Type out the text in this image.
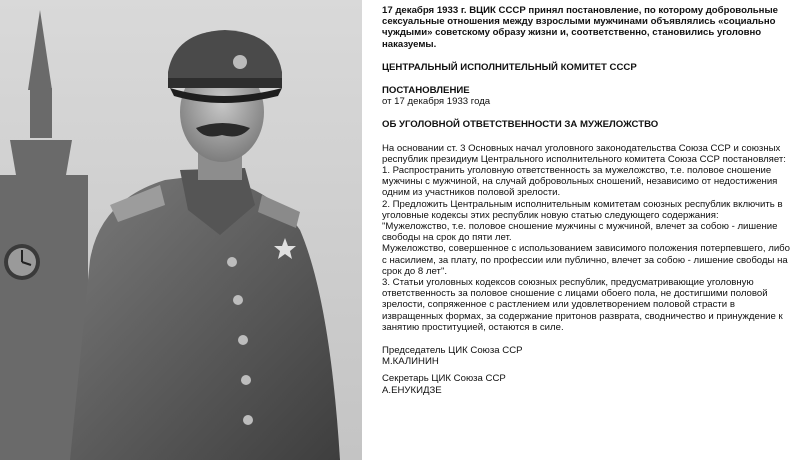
17 декабря 1933 г. ВЦИК СССР принял постановление, по которому добровольные сексуальные отношения между взрослыми мужчинами объявлялись «социально чуждыми» советскому образу жизни и, соответственно, становились уголовно наказуемы.

ЦЕНТРАЛЬНЫЙ ИСПОЛНИТЕЛЬНЫЙ КОМИТЕТ СССР

ПОСТАНОВЛЕНИЕ

от 17 декабря 1933 года

ОБ УГОЛОВНОЙ ОТВЕТСТВЕННОСТИ ЗА МУЖЕЛОЖСТВО

На основании ст. 3 Основных начал уголовного законодательства Союза ССР и союзных республик президиум Центрального исполнительного комитета Союза ССР постановляет:

1. Распространить уголовную ответственность за мужеложство, т.е. половое сношение мужчины с мужчиной, на случай добровольных сношений, независимо от недостижения одним из участников половой зрелости.

2. Предложить Центральным исполнительным комитетам союзных республик включить в уголовные кодексы этих республик новую статью следующего содержания:

"Мужеложство, т.е. половое сношение мужчины с мужчиной, влечет за собою - лишение свободы на срок до пяти лет.

Мужеложство, совершенное с использованием зависимого положения потерпевшего, либо с насилием, за плату, по профессии или публично, влечет за собою - лишение свободы на срок до 8 лет".

3. Статьи уголовных кодексов союзных республик, предусматривающие уголовную ответственность за половое сношение с лицами обоего пола, не достигшими половой зрелости, сопряженное с растлением или удовлетворением половой страсти в извращенных формах, за содержание притонов разврата, сводничество и принуждение к занятию проституцией, остаются в силе.

Председатель ЦИК Союза ССР

М.КАЛИНИН

Секретарь ЦИК Союза ССР

А.ЕНУКИДЗЕ
